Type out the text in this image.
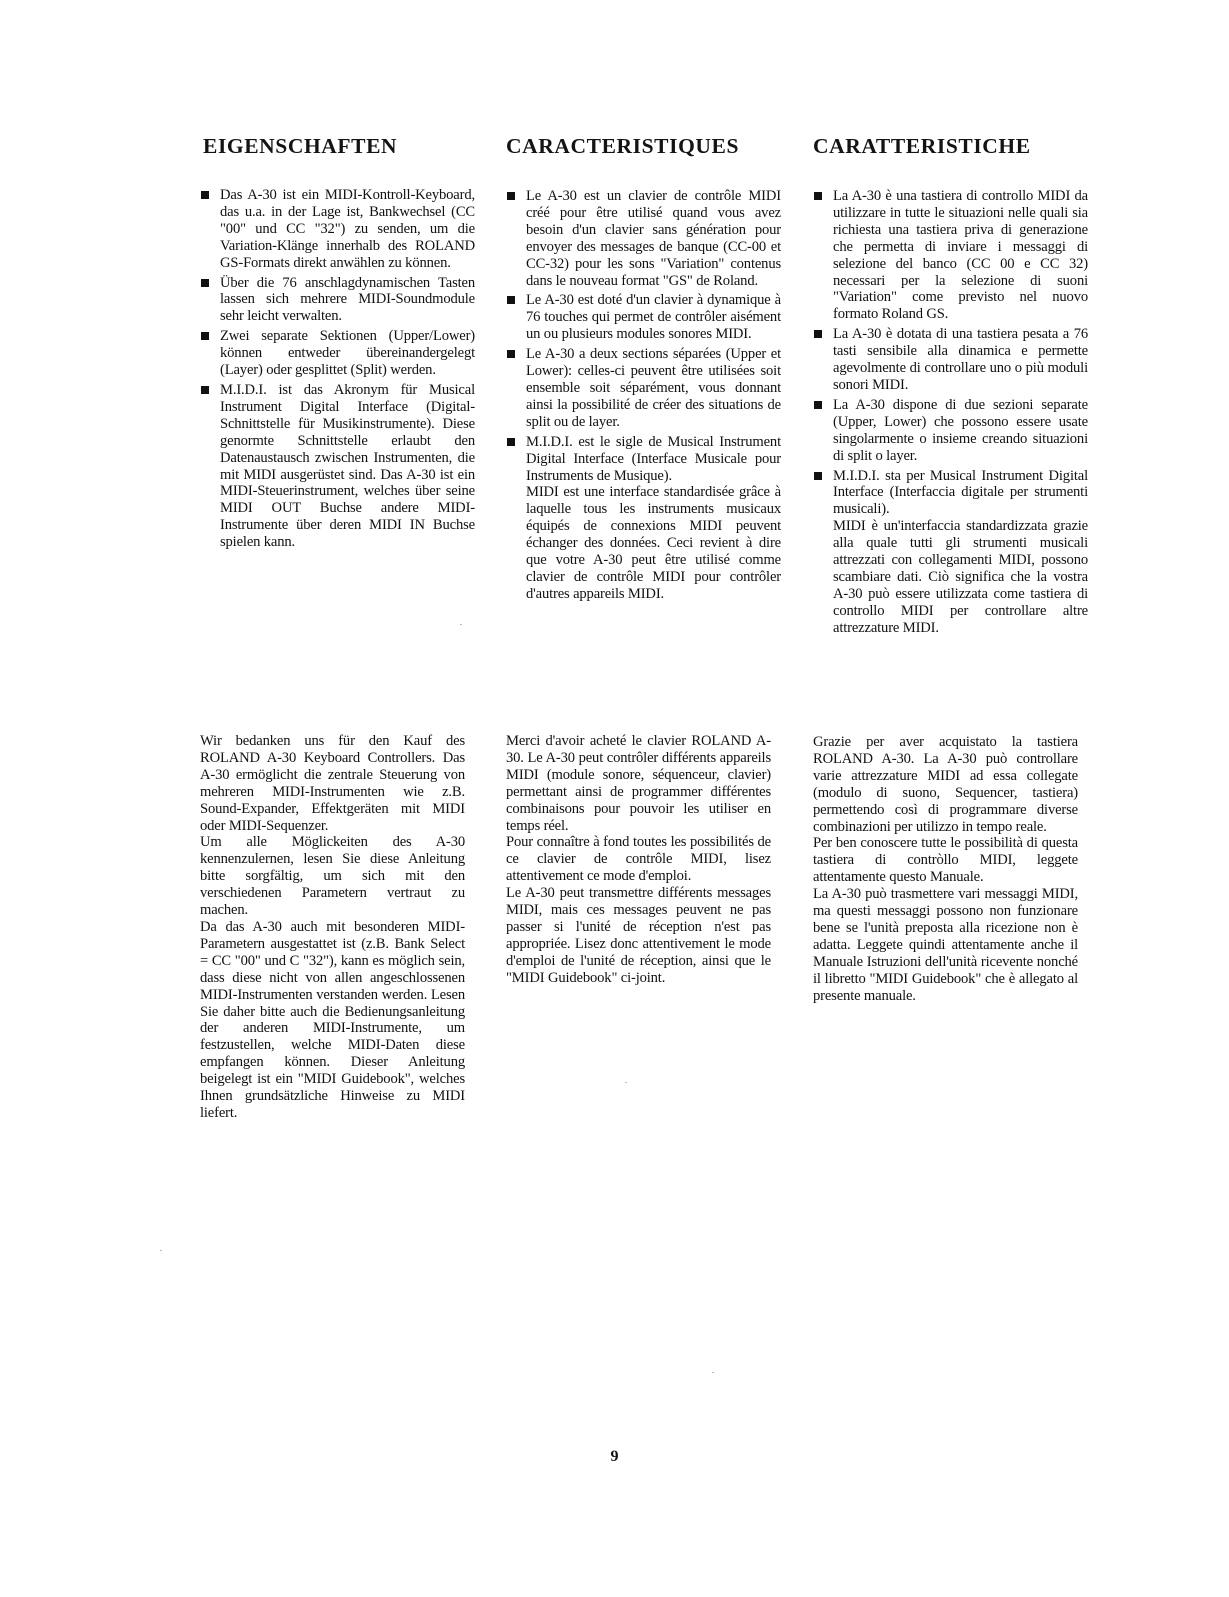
EIGENSCHAFTEN

Das A-30 ist ein MIDI-Kontroll-Keyboard, das u.a. in der Lage ist, Bankwechsel (CC "00" und CC "32") zu senden, um die Variation-Klänge innerhalb des ROLAND GS-Formats direkt anwählen zu können.

Über die 76 anschlagdynamischen Tasten lassen sich mehrere MIDI-Soundmodule sehr leicht verwalten.

Zwei separate Sektionen (Upper/Lower) können entweder übereinandergelegt (Layer) oder gesplittet (Split) werden.

M.I.D.I. ist das Akronym für Musical Instrument Digital Interface (Digital-Schnittstelle für Musikinstrumente). Diese genormte Schnittstelle erlaubt den Datenaustausch zwischen Instrumenten, die mit MIDI ausgerüstet sind. Das A-30 ist ein MIDI-Steuerinstrument, welches über seine MIDI OUT Buchse andere MIDI-Instrumente über deren MIDI IN Buchse spielen kann.

Wir bedanken uns für den Kauf des ROLAND A-30 Keyboard Controllers. Das A-30 ermöglicht die zentrale Steuerung von mehreren MIDI-Instrumenten wie z.B. Sound-Expander, Effektgeräten mit MIDI oder MIDI-Sequenzer.

Um alle Möglickeiten des A-30 kennenzulernen, lesen Sie diese Anleitung bitte sorgfältig, um sich mit den verschiedenen Parametern vertraut zu machen.

Da das A-30 auch mit besonderen MIDI-Parametern ausgestattet ist (z.B. Bank Select = CC "00" und C "32"), kann es möglich sein, dass diese nicht von allen angeschlossenen MIDI-Instrumenten verstanden werden. Lesen Sie daher bitte auch die Bedienungsanleitung der anderen MIDI-Instrumente, um festzustellen, welche MIDI-Daten diese empfangen können. Dieser Anleitung beigelegt ist ein "MIDI Guidebook", welches Ihnen grundsätzliche Hinweise zu MIDI liefert.

CARACTERISTIQUES

Le A-30 est un clavier de contrôle MIDI créé pour être utilisé quand vous avez besoin d'un clavier sans génération pour envoyer des messages de banque (CC-00 et CC-32) pour les sons "Variation" contenus dans le nouveau format "GS" de Roland.

Le A-30 est doté d'un clavier à dynamique à 76 touches qui permet de contrôler aisément un ou plusieurs modules sonores MIDI.

Le A-30 a deux sections séparées (Upper et Lower): celles-ci peuvent être utilisées soit ensemble soit séparément, vous donnant ainsi la possibilité de créer des situations de split ou de layer.

M.I.D.I. est le sigle de Musical Instrument Digital Interface (Interface Musicale pour Instruments de Musique).

MIDI est une interface standardisée grâce à laquelle tous les instruments musicaux équipés de connexions MIDI peuvent échanger des données. Ceci revient à dire que votre A-30 peut être utilisé comme clavier de contrôle MIDI pour contrôler d'autres appareils MIDI.

Merci d'avoir acheté le clavier ROLAND A-30. Le A-30 peut contrôler différents appareils MIDI (module sonore, séquenceur, clavier) permettant ainsi de programmer différentes combinaisons pour pouvoir les utiliser en temps réel.

Pour connaître à fond toutes les possibilités de ce clavier de contrôle MIDI, lisez attentivement ce mode d'emploi.

Le A-30 peut transmettre différents messages MIDI, mais ces messages peuvent ne pas passer si l'unité de réception n'est pas appropriée. Lisez donc attentivement le mode d'emploi de l'unité de réception, ainsi que le "MIDI Guidebook" ci-joint.

CARATTERISTICHE

La A-30 è una tastiera di controllo MIDI da utilizzare in tutte le situazioni nelle quali sia richiesta una tastiera priva di generazione che permetta di inviare i messaggi di selezione del banco (CC 00 e CC 32) necessari per la selezione di suoni "Variation" come previsto nel nuovo formato Roland GS.

La A-30 è dotata di una tastiera pesata a 76 tasti sensibile alla dinamica e permette agevolmente di controllare uno o più moduli sonori MIDI.

La A-30 dispone di due sezioni separate (Upper, Lower) che possono essere usate singolarmente o insieme creando situazioni di split o layer.

M.I.D.I. sta per Musical Instrument Digital Interface (Interfaccia digitale per strumenti musicali).

MIDI è un'interfaccia standardizzata grazie alla quale tutti gli strumenti musicali attrezzati con collegamenti MIDI, possono scambiare dati. Ciò significa che la vostra A-30 può essere utilizzata come tastiera di controllo MIDI per controllare altre attrezzature MIDI.

Grazie per aver acquistato la tastiera ROLAND A-30. La A-30 può controllare varie attrezzature MIDI ad essa collegate (modulo di suono, Sequencer, tastiera) permettendo così di programmare diverse combinazioni per utilizzo in tempo reale.

Per ben conoscere tutte le possibilità di questa tastiera di contròllo MIDI, leggete attentamente questo Manuale.

La A-30 può trasmettere vari messaggi MIDI, ma questi messaggi possono non funzionare bene se l'unità preposta alla ricezione non è adatta. Leggete quindi attentamente anche il Manuale Istruzioni dell'unità ricevente nonché il libretto "MIDI Guidebook" che è allegato al presente manuale.

9
